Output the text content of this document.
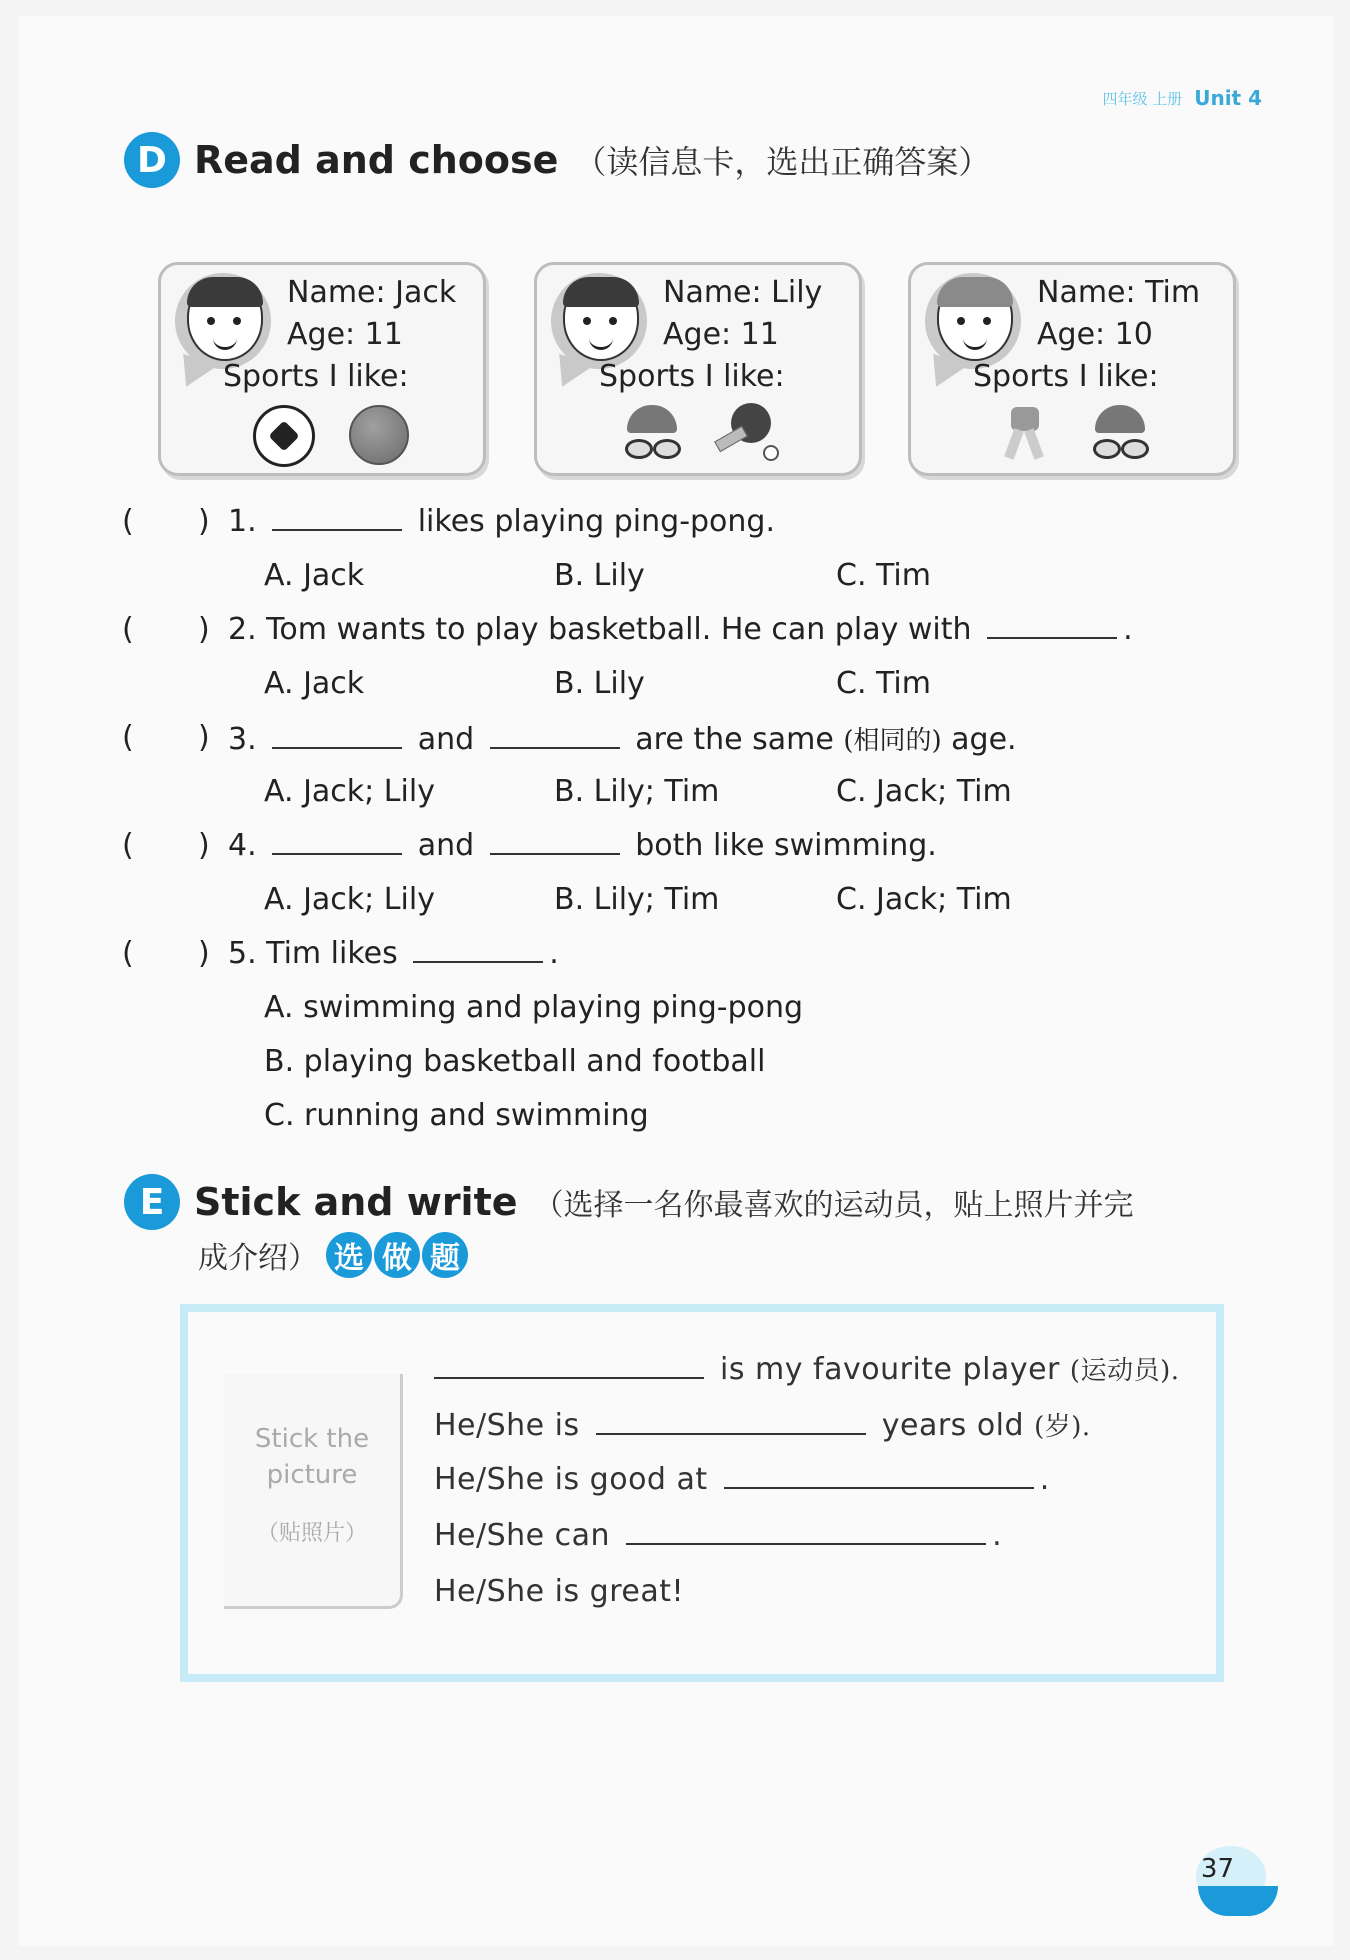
四年级 上册 Unit 4
D Read and choose （读信息卡，选出正确答案）
Name: Jack
Age: 11
Sports I like:
Name: Lily
Age: 11
Sports I like:
Name: Tim
Age: 10
Sports I like:
( ) 1.	likes playing ping-pong.
A. Jack	B. Lily	C. Tim
( ) 2. Tom wants to play basketball. He can play with	.
A. Jack	B. Lily	C. Tim
( ) 3.	and	are the same (相同的) age.
A. Jack; Lily	B. Lily; Tim	C. Jack; Tim
( ) 4.	and	both like swimming.
A. Jack; Lily	B. Lily; Tim	C. Jack; Tim
( ) 5. Tim likes	.
A. swimming and playing ping-pong
B. playing basketball and football
C. running and swimming
E Stick and write （选择一名你最喜欢的运动员，贴上照片并完
成介绍） 选 做 题
Stick the
picture
（贴照片）
is my favourite player (运动员).
He/She is	years old (岁).
He/She is good at	.
He/She can	.
He/She is great!
37
